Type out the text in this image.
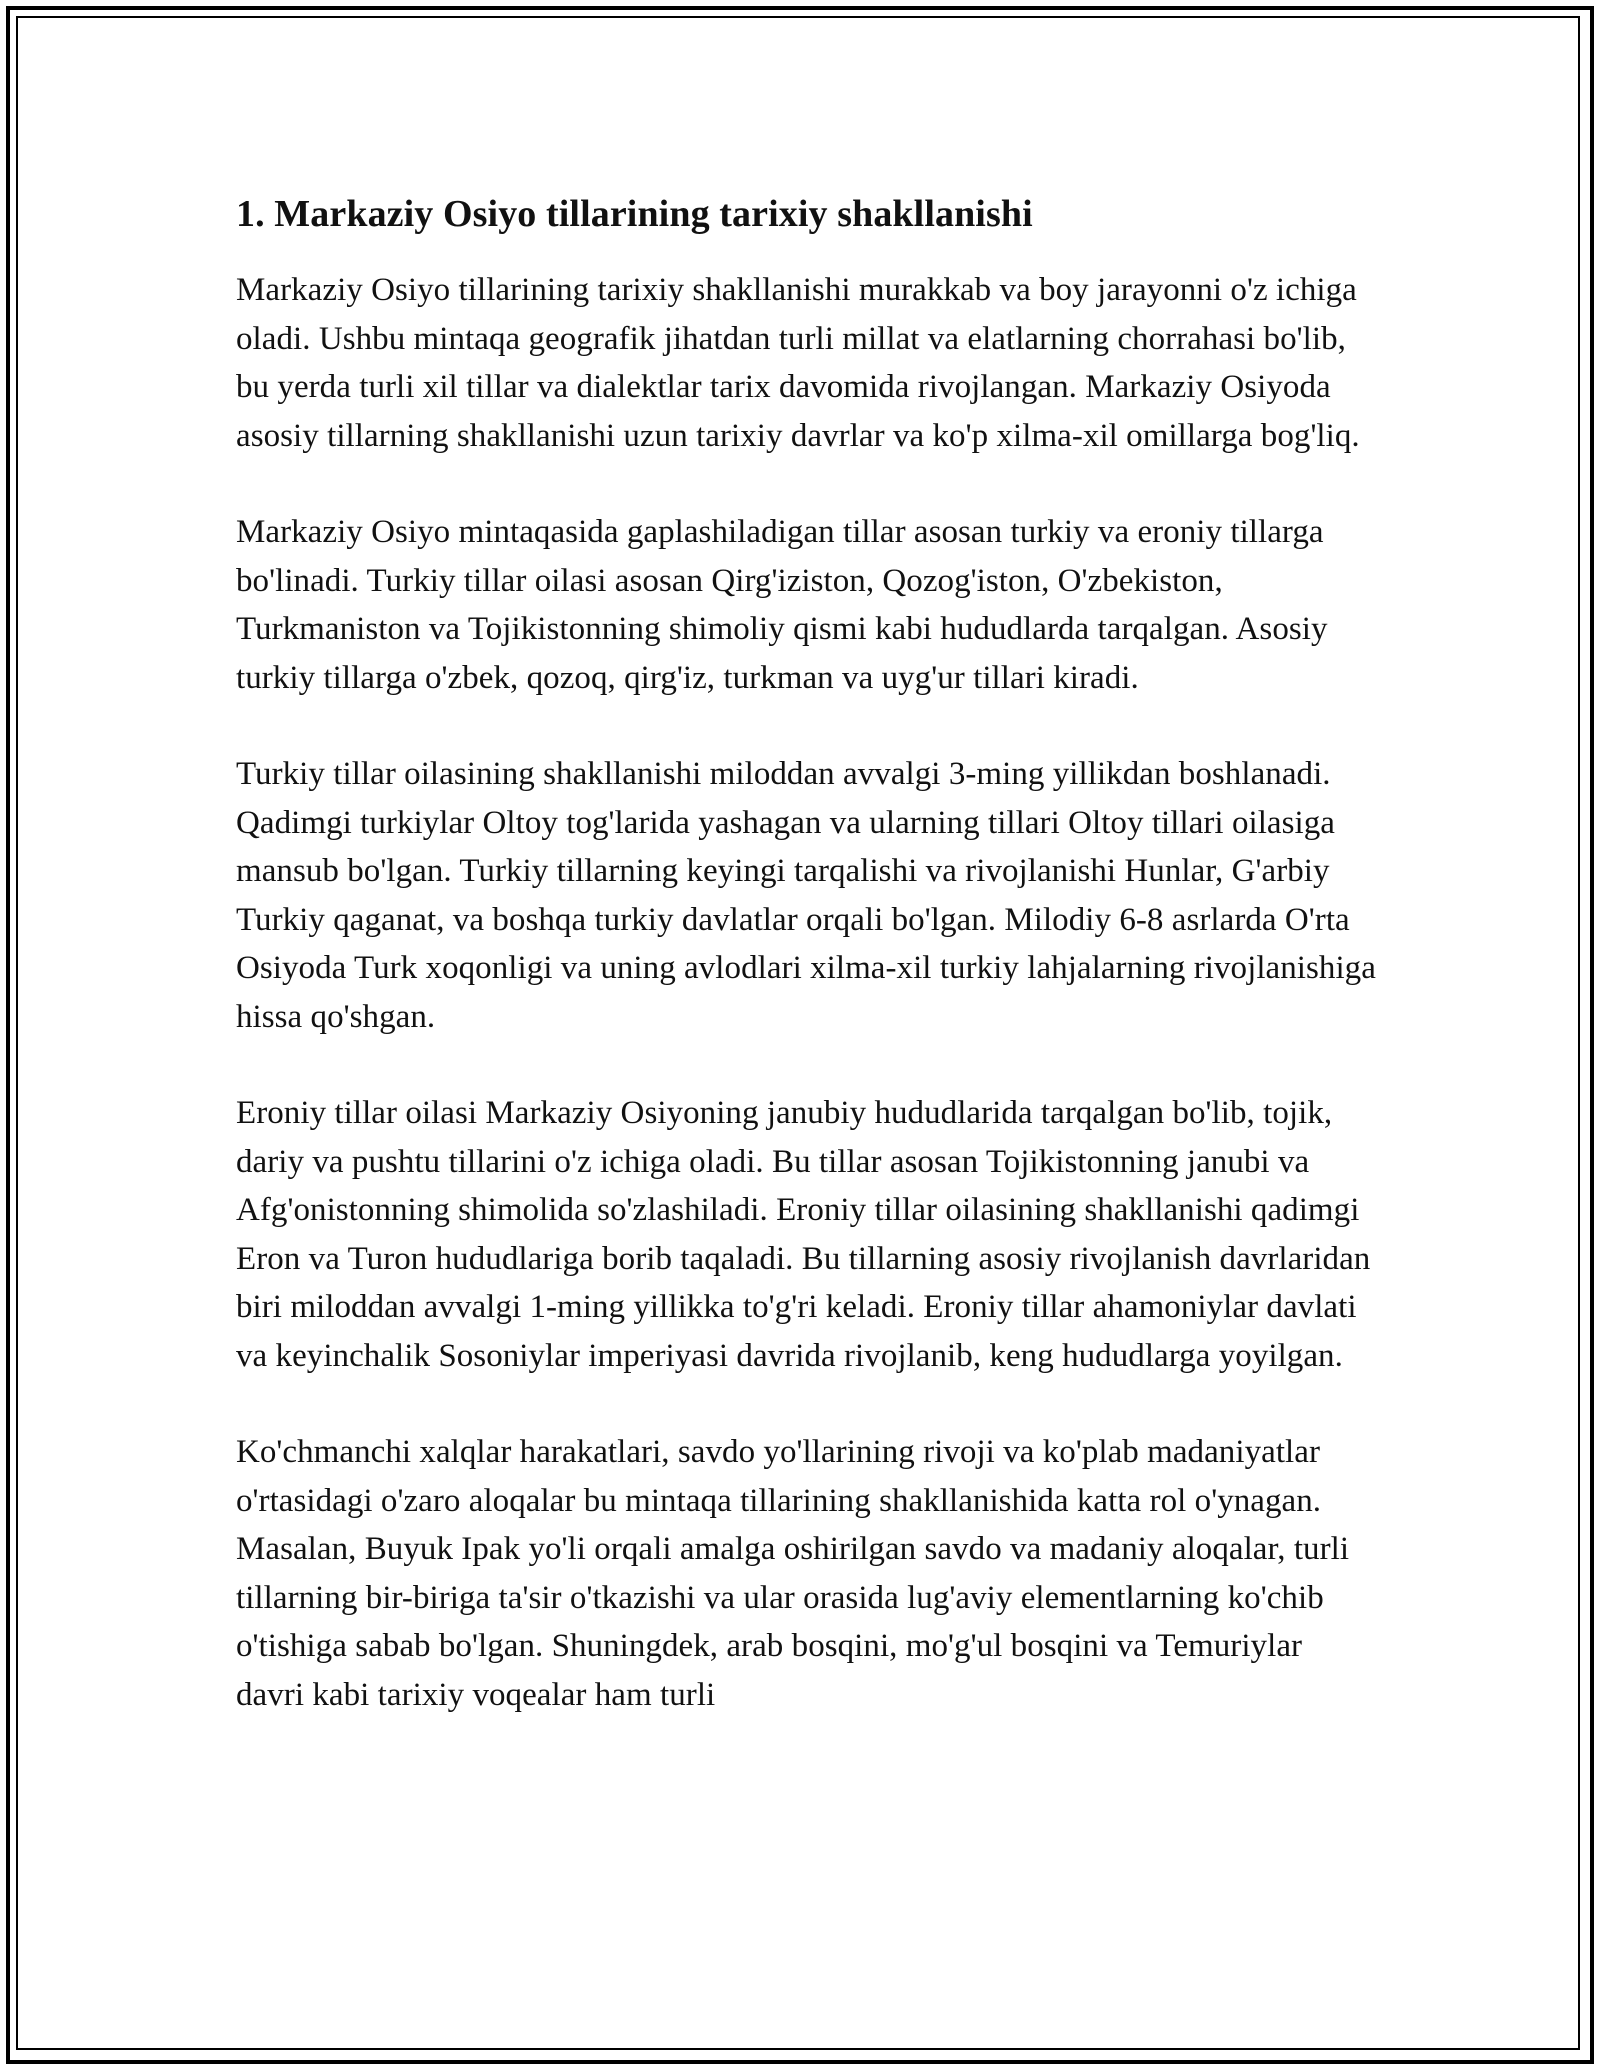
1. Markaziy Osiyo tillarining tarixiy shakllanishi

Markaziy Osiyo tillarining tarixiy shakllanishi murakkab va boy jarayonni o'z ichiga oladi. Ushbu mintaqa geografik jihatdan turli millat va elatlarning chorrahasi bo'lib, bu yerda turli xil tillar va dialektlar tarix davomida rivojlangan. Markaziy Osiyoda asosiy tillarning shakllanishi uzun tarixiy davrlar va ko'p xilma-xil omillarga bog'liq.

Markaziy Osiyo mintaqasida gaplashiladigan tillar asosan turkiy va eroniy tillarga bo'linadi. Turkiy tillar oilasi asosan Qirg'iziston, Qozog'iston, O'zbekiston, Turkmaniston va Tojikistonning shimoliy qismi kabi hududlarda tarqalgan. Asosiy turkiy tillarga o'zbek, qozoq, qirg'iz, turkman va uyg'ur tillari kiradi.

Turkiy tillar oilasining shakllanishi miloddan avvalgi 3-ming yillikdan boshlanadi. Qadimgi turkiylar Oltoy tog'larida yashagan va ularning tillari Oltoy tillari oilasiga mansub bo'lgan. Turkiy tillarning keyingi tarqalishi va rivojlanishi Hunlar, G'arbiy Turkiy qaganat, va boshqa turkiy davlatlar orqali bo'lgan. Milodiy 6-8 asrlarda O'rta Osiyoda Turk xoqonligi va uning avlodlari xilma-xil turkiy lahjalarning rivojlanishiga hissa qo'shgan.

Eroniy tillar oilasi Markaziy Osiyoning janubiy hududlarida tarqalgan bo'lib, tojik, dariy va pushtu tillarini o'z ichiga oladi. Bu tillar asosan Tojikistonning janubi va Afg'onistonning shimolida so'zlashiladi. Eroniy tillar oilasining shakllanishi qadimgi Eron va Turon hududlariga borib taqaladi. Bu tillarning asosiy rivojlanish davrlaridan biri miloddan avvalgi 1-ming yillikka to'g'ri keladi. Eroniy tillar ahamoniylar davlati va keyinchalik Sosoniylar imperiyasi davrida rivojlanib, keng hududlarga yoyilgan.

Ko'chmanchi xalqlar harakatlari, savdo yo'llarining rivoji va ko'plab madaniyatlar o'rtasidagi o'zaro aloqalar bu mintaqa tillarining shakllanishida katta rol o'ynagan. Masalan, Buyuk Ipak yo'li orqali amalga oshirilgan savdo va madaniy aloqalar, turli tillarning bir-biriga ta'sir o'tkazishi va ular orasida lug'aviy elementlarning ko'chib o'tishiga sabab bo'lgan. Shuningdek, arab bosqini, mo'g'ul bosqini va Temuriylar davri kabi tarixiy voqealar ham turli
